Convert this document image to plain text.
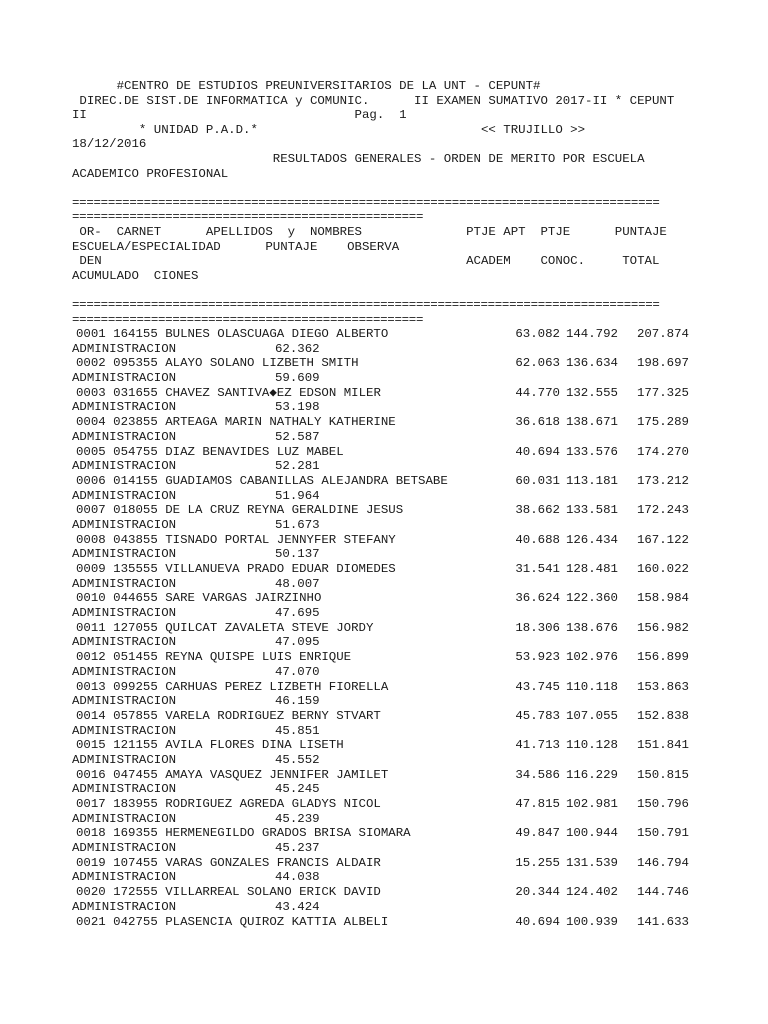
#CENTRO DE ESTUDIOS PREUNIVERSITARIOS DE LA UNT - CEPUNT#
DIREC.DE SIST.DE INFORMATICA y COMUNIC.      II EXAMEN SUMATIVO 2017-II * CEPUNT
II                                    Pag.  1
* UNIDAD P.A.D.*                              << TRUJILLO >>
18/12/2016
RESULTADOS GENERALES - ORDEN DE MERITO POR ESCUELA
ACADEMICO PROFESIONAL
==================================================================================
=================================================
OR-  CARNET      APELLIDOS  y  NOMBRES              PTJE APT  PTJE      PUNTAJE
ESCUELA/ESPECIALIDAD      PUNTAJE    OBSERVA
DEN                                                 ACADEM    CONOC.     TOTAL
ACUMULADO  CIONES
==================================================================================
=================================================
0001 164155 BULNES OLASCUAGA DIEGO ALBERTO	63.082 144.792 207.874
ADMINISTRACION	62.362
0002 095355 ALAYO SOLANO LIZBETH SMITH	62.063 136.634 198.697
ADMINISTRACION	59.609
0003 031655 CHAVEZ SANTIVA◆EZ EDSON MILER	44.770 132.555 177.325
ADMINISTRACION	53.198
0004 023855 ARTEAGA MARIN NATHALY KATHERINE	36.618 138.671 175.289
ADMINISTRACION	52.587
0005 054755 DIAZ BENAVIDES LUZ MABEL	40.694 133.576 174.270
ADMINISTRACION	52.281
0006 014155 GUADIAMOS CABANILLAS ALEJANDRA BETSABE	60.031 113.181 173.212
ADMINISTRACION	51.964
0007 018055 DE LA CRUZ REYNA GERALDINE JESUS	38.662 133.581 172.243
ADMINISTRACION	51.673
0008 043855 TISNADO PORTAL JENNYFER STEFANY	40.688 126.434 167.122
ADMINISTRACION	50.137
0009 135555 VILLANUEVA PRADO EDUAR DIOMEDES	31.541 128.481 160.022
ADMINISTRACION	48.007
0010 044655 SARE VARGAS JAIRZINHO	36.624 122.360 158.984
ADMINISTRACION	47.695
0011 127055 QUILCAT ZAVALETA STEVE JORDY	18.306 138.676 156.982
ADMINISTRACION	47.095
0012 051455 REYNA QUISPE LUIS ENRIQUE	53.923 102.976 156.899
ADMINISTRACION	47.070
0013 099255 CARHUAS PEREZ LIZBETH FIORELLA	43.745 110.118 153.863
ADMINISTRACION	46.159
0014 057855 VARELA RODRIGUEZ BERNY STVART	45.783 107.055 152.838
ADMINISTRACION	45.851
0015 121155 AVILA FLORES DINA LISETH	41.713 110.128 151.841
ADMINISTRACION	45.552
0016 047455 AMAYA VASQUEZ JENNIFER JAMILET	34.586 116.229 150.815
ADMINISTRACION	45.245
0017 183955 RODRIGUEZ AGREDA GLADYS NICOL	47.815 102.981 150.796
ADMINISTRACION	45.239
0018 169355 HERMENEGILDO GRADOS BRISA SIOMARA	49.847 100.944 150.791
ADMINISTRACION	45.237
0019 107455 VARAS GONZALES FRANCIS ALDAIR	15.255 131.539 146.794
ADMINISTRACION	44.038
0020 172555 VILLARREAL SOLANO ERICK DAVID	20.344 124.402 144.746
ADMINISTRACION	43.424
0021 042755 PLASENCIA QUIROZ KATTIA ALBELI	40.694 100.939 141.633
